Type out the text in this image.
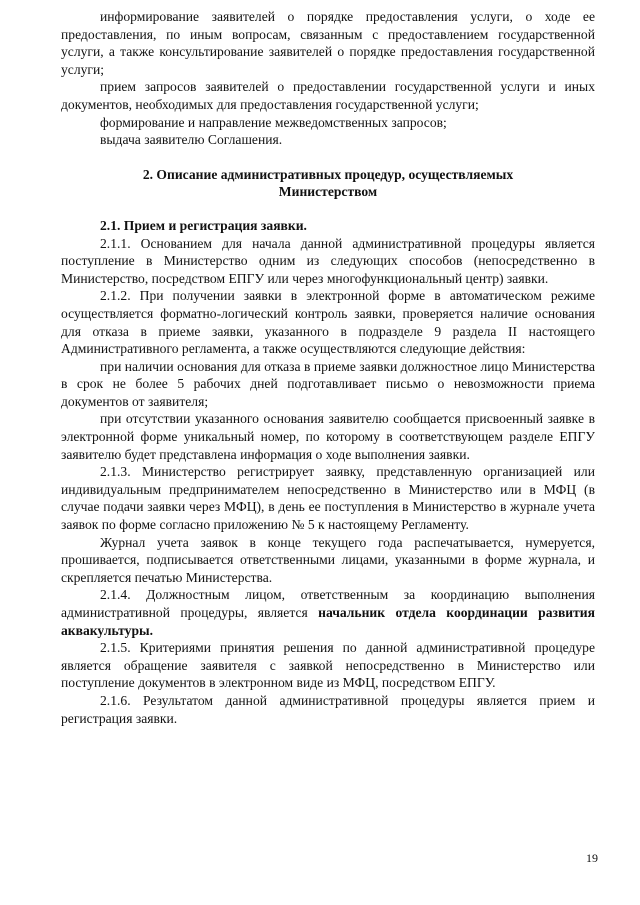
информирование заявителей о порядке предоставления услуги, о ходе ее предоставления, по иным вопросам, связанным с предоставлением государственной услуги, а также консультирование заявителей о порядке предоставления государственной услуги;

прием запросов заявителей о предоставлении государственной услуги и иных документов, необходимых для предоставления государственной услуги;

формирование и направление межведомственных запросов;

выдача заявителю Соглашения.

2. Описание административных процедур, осуществляемых
Министерством

2.1. Прием и регистрация заявки.

2.1.1. Основанием для начала данной административной процедуры является поступление в Министерство одним из следующих способов (непосредственно в Министерство, посредством ЕПГУ или через многофункциональный центр) заявки.

2.1.2. При получении заявки в электронной форме в автоматическом режиме осуществляется форматно-логический контроль заявки, проверяется наличие основания для отказа в приеме заявки, указанного в подразделе 9 раздела II настоящего Административного регламента, а также осуществляются следующие действия:

при наличии основания для отказа в приеме заявки должностное лицо Министерства в срок не более 5 рабочих дней подготавливает письмо о невозможности приема документов от заявителя;

при отсутствии указанного основания заявителю сообщается присвоенный заявке в электронной форме уникальный номер, по которому в соответствующем разделе ЕПГУ заявителю будет представлена информация о ходе выполнения заявки.

2.1.3. Министерство регистрирует заявку, представленную организацией или индивидуальным предпринимателем непосредственно в Министерство или в МФЦ (в случае подачи заявки через МФЦ), в день ее поступления в Министерство в журнале учета заявок по форме согласно приложению № 5 к настоящему Регламенту.

Журнал учета заявок в конце текущего года распечатывается, нумеруется, прошивается, подписывается ответственными лицами, указанными в форме журнала, и скрепляется печатью Министерства.

2.1.4. Должностным лицом, ответственным за координацию выполнения административной процедуры, является начальник отдела координации развития аквакультуры.

2.1.5. Критериями принятия решения по данной административной процедуре является обращение заявителя с заявкой непосредственно в Министерство или поступление документов в электронном виде из МФЦ, посредством ЕПГУ.

2.1.6. Результатом данной административной процедуры является прием и регистрация заявки.

19
